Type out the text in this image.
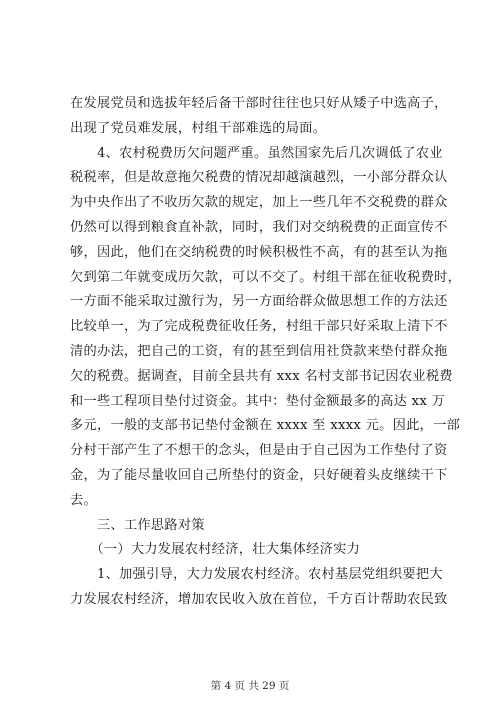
在发展党员和选拔年轻后备干部时往往也只好从矮子中选高子，
出现了党员难发展，村组干部难选的局面。
　　4、农村税费历欠问题严重。虽然国家先后几次调低了农业
税税率，但是故意拖欠税费的情况却越演越烈，一小部分群众认
为中央作出了不收历欠款的规定，加上一些几年不交税费的群众
仍然可以得到粮食直补款，同时，我们对交纳税费的正面宣传不
够，因此，他们在交纳税费的时候积极性不高，有的甚至认为拖
欠到第二年就变成历欠款，可以不交了。村组干部在征收税费时，
一方面不能采取过激行为，另一方面给群众做思想工作的方法还
比较单一，为了完成税费征收任务，村组干部只好采取上清下不
清的办法，把自己的工资，有的甚至到信用社贷款来垫付群众拖
欠的税费。据调查，目前全县共有 xxx 名村支部书记因农业税费
和一些工程项目垫付过资金。其中：垫付金额最多的高达 xx 万
多元，一般的支部书记垫付金额在 xxxx 至 xxxx 元。因此，一部
分村干部产生了不想干的念头，但是由于自己因为工作垫付了资
金，为了能尽量收回自己所垫付的资金，只好硬着头皮继续干下
去。
　　三、工作思路对策
　　（一）大力发展农村经济，壮大集体经济实力
　　1、加强引导，大力发展农村经济。农村基层党组织要把大
力发展农村经济，增加农民收入放在首位，千方百计帮助农民致
第 4 页 共 29 页
